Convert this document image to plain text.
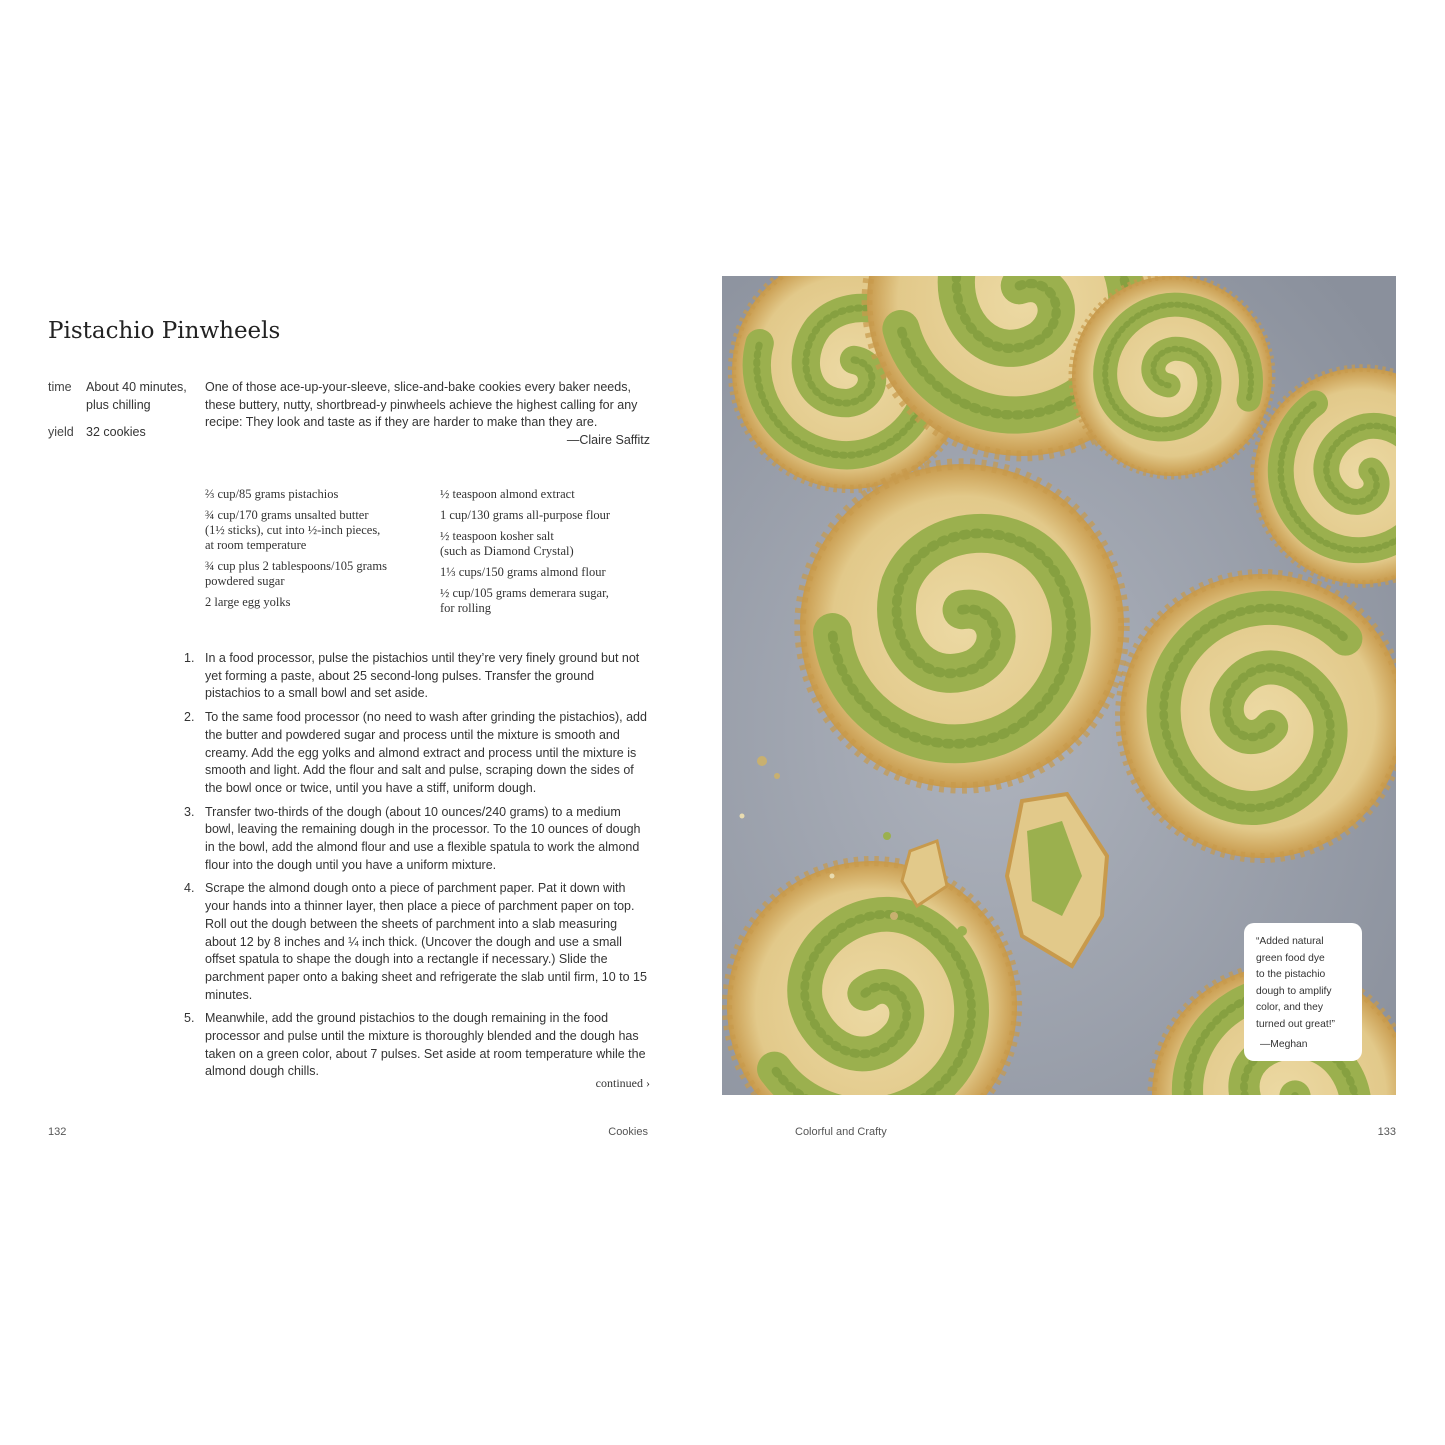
Pistachio Pinwheels
time	About 40 minutes, plus chilling
yield 32 cookies

One of those ace-up-your-sleeve, slice-and-bake cookies every baker needs, these buttery, nutty, shortbread-y pinwheels achieve the highest calling for any recipe: They look and taste as if they are harder to make than they are.

—Claire Saffitz

⅔ cup/85 grams pistachios
¾ cup/170 grams unsalted butter
(1½ sticks), cut into ½-inch pieces,
at room temperature
¾ cup plus 2 tablespoons/105 grams
powdered sugar
2 large egg yolks
½ teaspoon almond extract
1 cup/130 grams all-purpose flour
½ teaspoon kosher salt
(such as Diamond Crystal)
1⅓ cups/150 grams almond flour
½ cup/105 grams demerara sugar,
for rolling
1. In a food processor, pulse the pistachios until they’re very finely ground but not yet forming a paste, about 25 second-long pulses. Transfer the ground pistachios to a small bowl and set aside.
2. To the same food processor (no need to wash after grinding the pistachios), add the butter and powdered sugar and process until the mixture is smooth and creamy. Add the egg yolks and almond extract and process until the mixture is smooth and light. Add the flour and salt and pulse, scraping down the sides of the bowl once or twice, until you have a stiff, uniform dough.
3. Transfer two-thirds of the dough (about 10 ounces/240 grams) to a medium bowl, leaving the remaining dough in the processor. To the 10 ounces of dough in the bowl, add the almond flour and use a flexible spatula to work the almond flour into the dough until you have a uniform mixture.
4. Scrape the almond dough onto a piece of parchment paper. Pat it down with your hands into a thinner layer, then place a piece of parchment paper on top. Roll out the dough between the sheets of parchment into a slab measuring about 12 by 8 inches and ¼ inch thick. (Uncover the dough and use a small offset spatula to shape the dough into a rectangle if necessary.) Slide the parchment paper onto a baking sheet and refrigerate the slab until firm, 10 to 15 minutes.
5. Meanwhile, add the ground pistachios to the dough remaining in the food processor and pulse until the mixture is thoroughly blended and the dough has taken on a green color, about 7 pulses. Set aside at room temperature while the almond dough chills.
continued ›
132	Cookies

“Added natural
green food dye
to the pistachio
dough to amplify
color, and they
turned out great!”

—Meghan
Colorful and Crafty	133
